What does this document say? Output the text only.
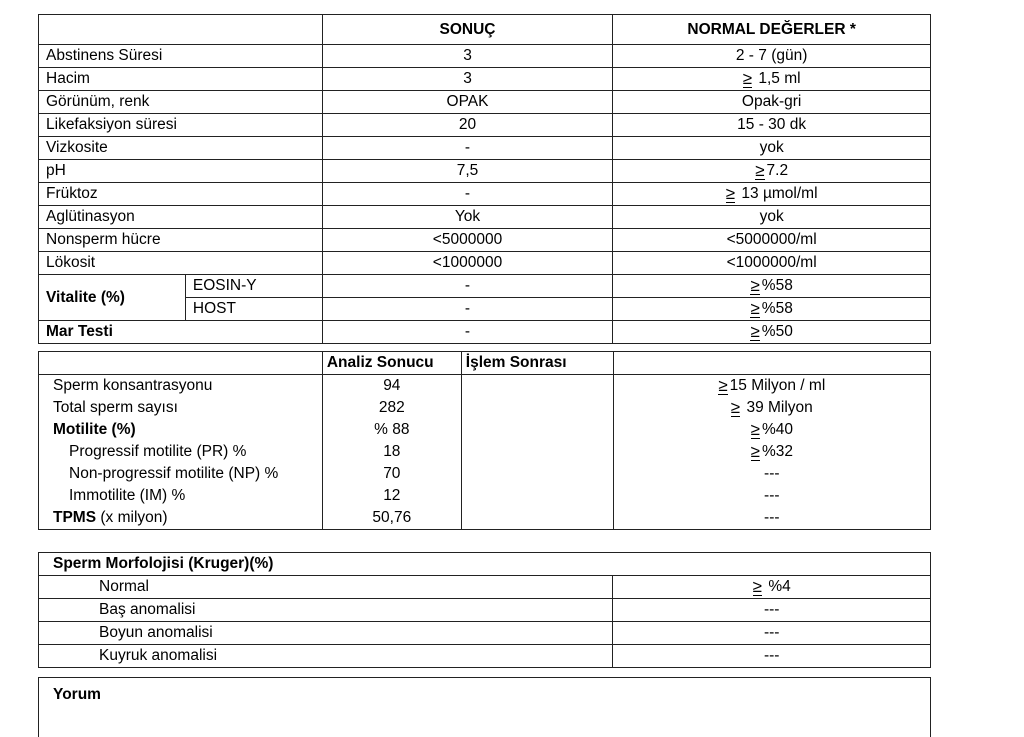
		SONUÇ	NORMAL DEĞERLER *
Abstinens Süresi		3	2 - 7 (gün)
Hacim		3	≥ 1,5 ml
Görünüm, renk		OPAK	Opak-gri
Likefaksiyon süresi		20	15 - 30 dk
Vizkosite		-	yok
pH		7,5	≥ 7.2
Früktoz		-	≥ 13 µmol/ml
Aglütinasyon		Yok	yok
Nonsperm hücre		<5000000	<5000000/ml
Lökosit		<1000000	<1000000/ml
Vitalite (%)	EOSIN-Y	-	≥ %58
	HOST	-	≥ %58
Mar Testi		-	≥ %50
	Analiz Sonucu	İşlem Sonrası	
Sperm konsantrasyonu	94		≥ 15 Milyon / ml
Total sperm sayısı	282		≥ 39 Milyon
Motilite (%)	% 88		≥ %40
Progressif motilite (PR) %	18		≥ %32
Non-progressif motilite (NP) %	70		---
Immotilite (IM) %	12		---
TPMS (x milyon)	50,76		---
Sperm Morfolojisi (Kruger)(%)	
Normal	≥ %4
Baş anomalisi	---
Boyun anomalisi	---
Kuyruk anomalisi	---
Yorum
